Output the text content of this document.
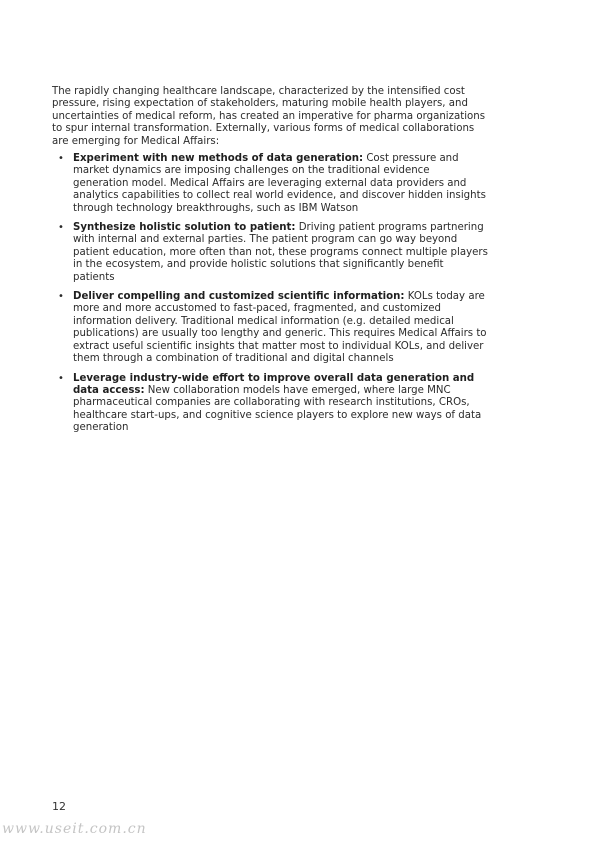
The rapidly changing healthcare landscape, characterized by the intensified cost pressure, rising expectation of stakeholders, maturing mobile health players, and uncertainties of medical reform, has created an imperative for pharma organizations to spur internal transformation. Externally, various forms of medical collaborations are emerging for Medical Affairs:

• Experiment with new methods of data generation: Cost pressure and market dynamics are imposing challenges on the traditional evidence generation model. Medical Affairs are leveraging external data providers and analytics capabilities to collect real world evidence, and discover hidden insights through technology breakthroughs, such as IBM Watson
• Synthesize holistic solution to patient: Driving patient programs partnering with internal and external parties. The patient program can go way beyond patient education, more often than not, these programs connect multiple players in the ecosystem, and provide holistic solutions that significantly benefit patients
• Deliver compelling and customized scientific information: KOLs today are more and more accustomed to fast-paced, fragmented, and customized information delivery. Traditional medical information (e.g. detailed medical publications) are usually too lengthy and generic. This requires Medical Affairs to extract useful scientific insights that matter most to individual KOLs, and deliver them through a combination of traditional and digital channels
• Leverage industry-wide effort to improve overall data generation and data access: New collaboration models have emerged, where large MNC pharmaceutical companies are collaborating with research institutions, CROs, healthcare start-ups, and cognitive science players to explore new ways of data generation
12
www.useit.com.cn
